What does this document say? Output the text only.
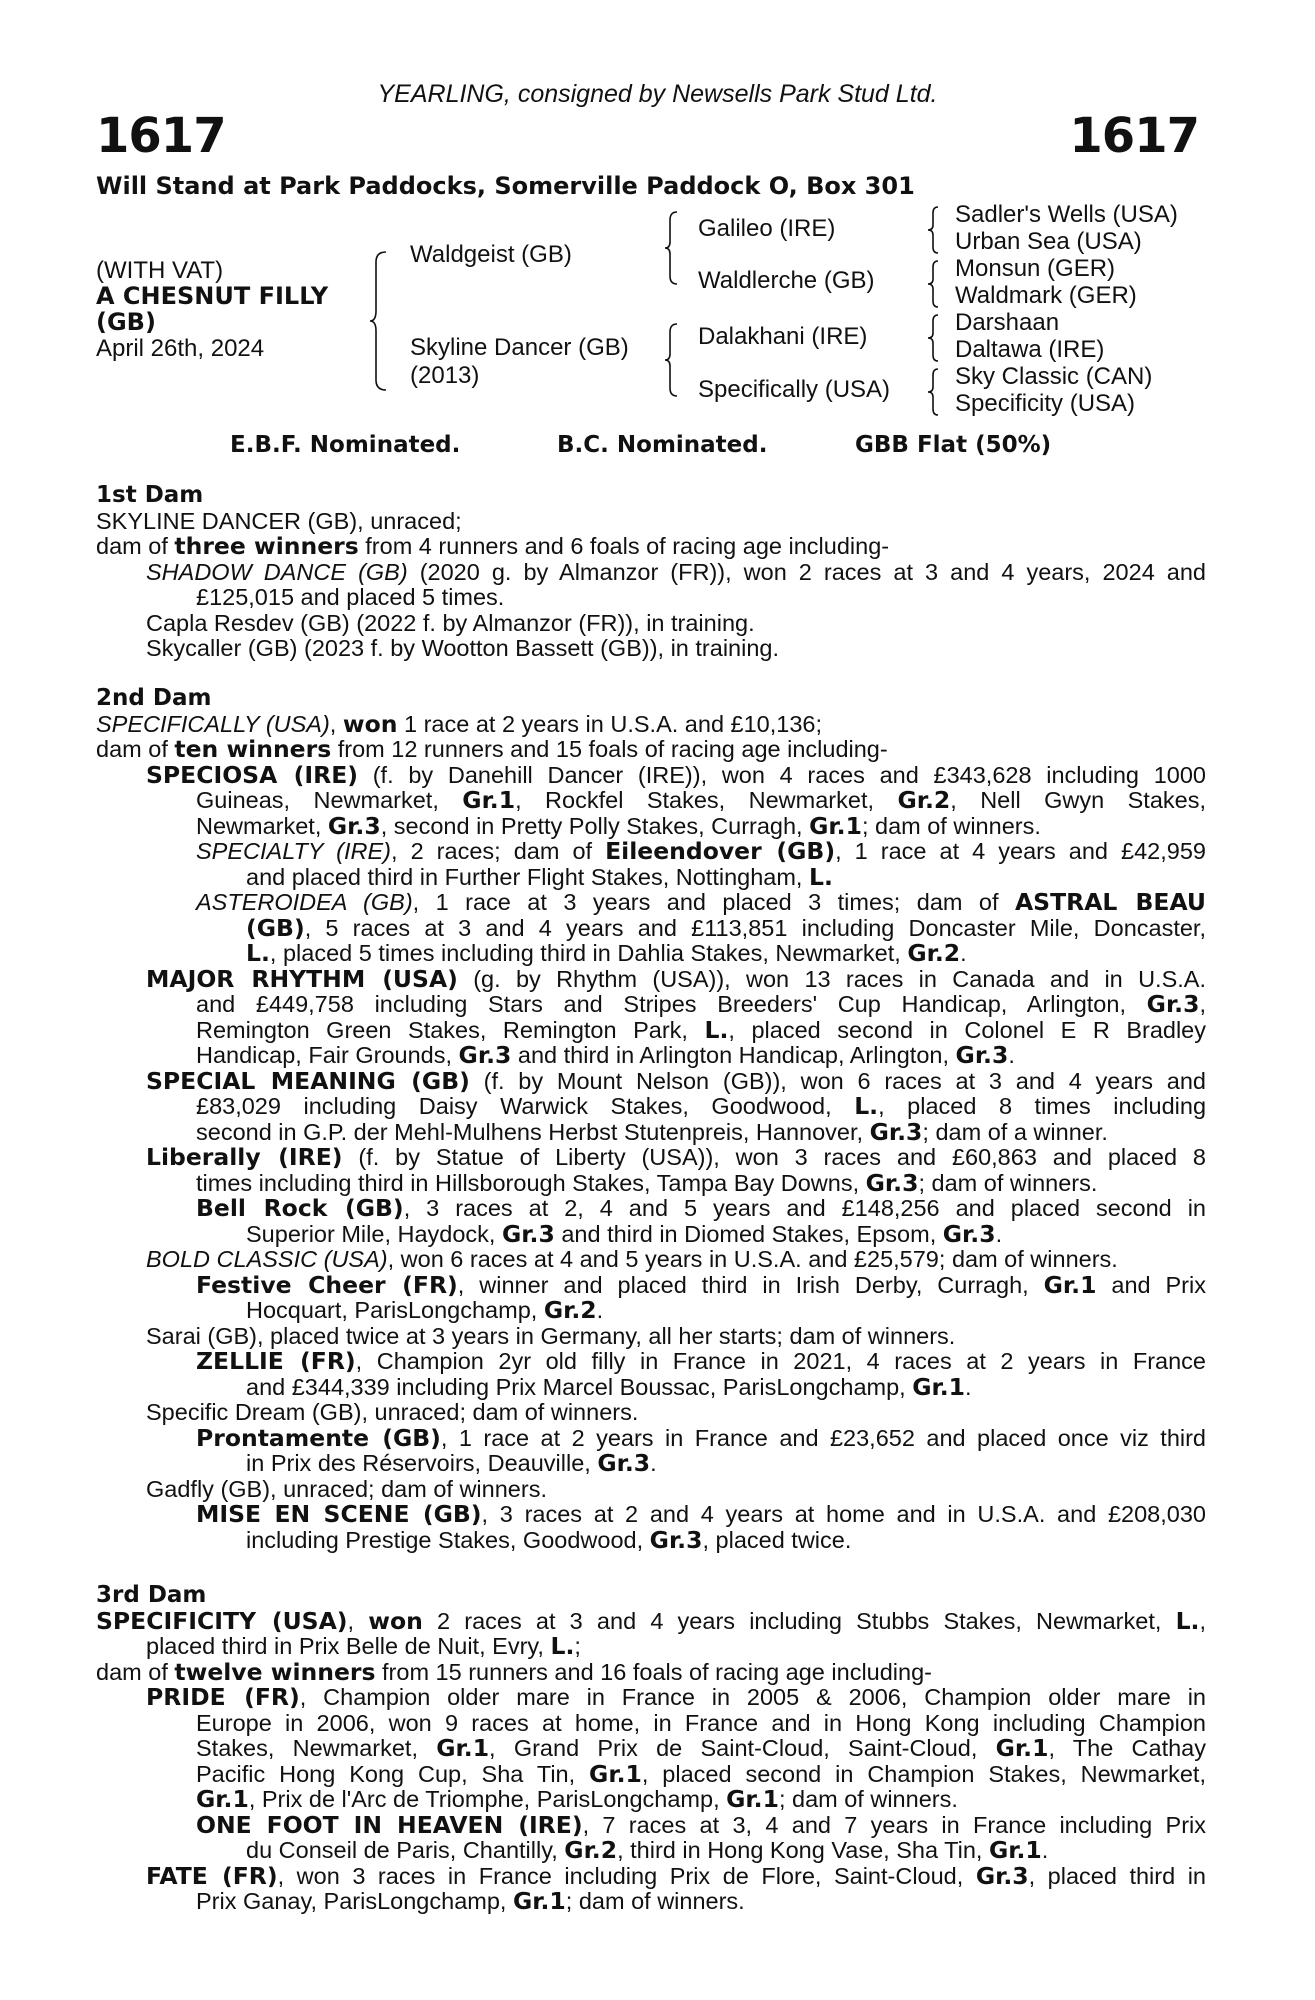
YEARLING, consigned by Newsells Park Stud Ltd.
1617	1617
Will Stand at Park Paddocks, Somerville Paddock O, Box 301
(WITH VAT)
A CHESNUT FILLY
(GB)
April 26th, 2024
Waldgeist (GB)
Skyline Dancer (GB)
(2013)
Galileo (IRE)
Waldlerche (GB)
Dalakhani (IRE)
Specifically (USA)
Sadler's Wells (USA)
Urban Sea (USA)
Monsun (GER)
Waldmark (GER)
Darshaan
Daltawa (IRE)
Sky Classic (CAN)
Specificity (USA)
E.B.F. Nominated.	B.C. Nominated.	GBB Flat (50%)
1st Dam
SKYLINE DANCER (GB), unraced;
dam of three winners from 4 runners and 6 foals of racing age including-
SHADOW DANCE (GB) (2020 g. by Almanzor (FR)), won 2 races at 3 and 4 years, 2024 and
£125,015 and placed 5 times.
Capla Resdev (GB) (2022 f. by Almanzor (FR)), in training.
Skycaller (GB) (2023 f. by Wootton Bassett (GB)), in training.
2nd Dam
SPECIFICALLY (USA), won 1 race at 2 years in U.S.A. and £10,136;
dam of ten winners from 12 runners and 15 foals of racing age including-
SPECIOSA (IRE) (f. by Danehill Dancer (IRE)), won 4 races and £343,628 including 1000
Guineas, Newmarket, Gr.1, Rockfel Stakes, Newmarket, Gr.2, Nell Gwyn Stakes,
Newmarket, Gr.3, second in Pretty Polly Stakes, Curragh, Gr.1; dam of winners.
SPECIALTY (IRE), 2 races; dam of Eileendover (GB), 1 race at 4 years and £42,959
and placed third in Further Flight Stakes, Nottingham, L.
ASTEROIDEA (GB), 1 race at 3 years and placed 3 times; dam of ASTRAL BEAU
(GB), 5 races at 3 and 4 years and £113,851 including Doncaster Mile, Doncaster,
L., placed 5 times including third in Dahlia Stakes, Newmarket, Gr.2.
MAJOR RHYTHM (USA) (g. by Rhythm (USA)), won 13 races in Canada and in U.S.A.
and £449,758 including Stars and Stripes Breeders' Cup Handicap, Arlington, Gr.3,
Remington Green Stakes, Remington Park, L., placed second in Colonel E R Bradley
Handicap, Fair Grounds, Gr.3 and third in Arlington Handicap, Arlington, Gr.3.
SPECIAL MEANING (GB) (f. by Mount Nelson (GB)), won 6 races at 3 and 4 years and
£83,029 including Daisy Warwick Stakes, Goodwood, L., placed 8 times including
second in G.P. der Mehl-Mulhens Herbst Stutenpreis, Hannover, Gr.3; dam of a winner.
Liberally (IRE) (f. by Statue of Liberty (USA)), won 3 races and £60,863 and placed 8
times including third in Hillsborough Stakes, Tampa Bay Downs, Gr.3; dam of winners.
Bell Rock (GB), 3 races at 2, 4 and 5 years and £148,256 and placed second in
Superior Mile, Haydock, Gr.3 and third in Diomed Stakes, Epsom, Gr.3.
BOLD CLASSIC (USA), won 6 races at 4 and 5 years in U.S.A. and £25,579; dam of winners.
Festive Cheer (FR), winner and placed third in Irish Derby, Curragh, Gr.1 and Prix
Hocquart, ParisLongchamp, Gr.2.
Sarai (GB), placed twice at 3 years in Germany, all her starts; dam of winners.
ZELLIE (FR), Champion 2yr old filly in France in 2021, 4 races at 2 years in France
and £344,339 including Prix Marcel Boussac, ParisLongchamp, Gr.1.
Specific Dream (GB), unraced; dam of winners.
Prontamente (GB), 1 race at 2 years in France and £23,652 and placed once viz third
in Prix des Réservoirs, Deauville, Gr.3.
Gadfly (GB), unraced; dam of winners.
MISE EN SCENE (GB), 3 races at 2 and 4 years at home and in U.S.A. and £208,030
including Prestige Stakes, Goodwood, Gr.3, placed twice.
3rd Dam
SPECIFICITY (USA), won 2 races at 3 and 4 years including Stubbs Stakes, Newmarket, L.,
placed third in Prix Belle de Nuit, Evry, L.;
dam of twelve winners from 15 runners and 16 foals of racing age including-
PRIDE (FR), Champion older mare in France in 2005 & 2006, Champion older mare in
Europe in 2006, won 9 races at home, in France and in Hong Kong including Champion
Stakes, Newmarket, Gr.1, Grand Prix de Saint-Cloud, Saint-Cloud, Gr.1, The Cathay
Pacific Hong Kong Cup, Sha Tin, Gr.1, placed second in Champion Stakes, Newmarket,
Gr.1, Prix de l'Arc de Triomphe, ParisLongchamp, Gr.1; dam of winners.
ONE FOOT IN HEAVEN (IRE), 7 races at 3, 4 and 7 years in France including Prix
du Conseil de Paris, Chantilly, Gr.2, third in Hong Kong Vase, Sha Tin, Gr.1.
FATE (FR), won 3 races in France including Prix de Flore, Saint-Cloud, Gr.3, placed third in
Prix Ganay, ParisLongchamp, Gr.1; dam of winners.
